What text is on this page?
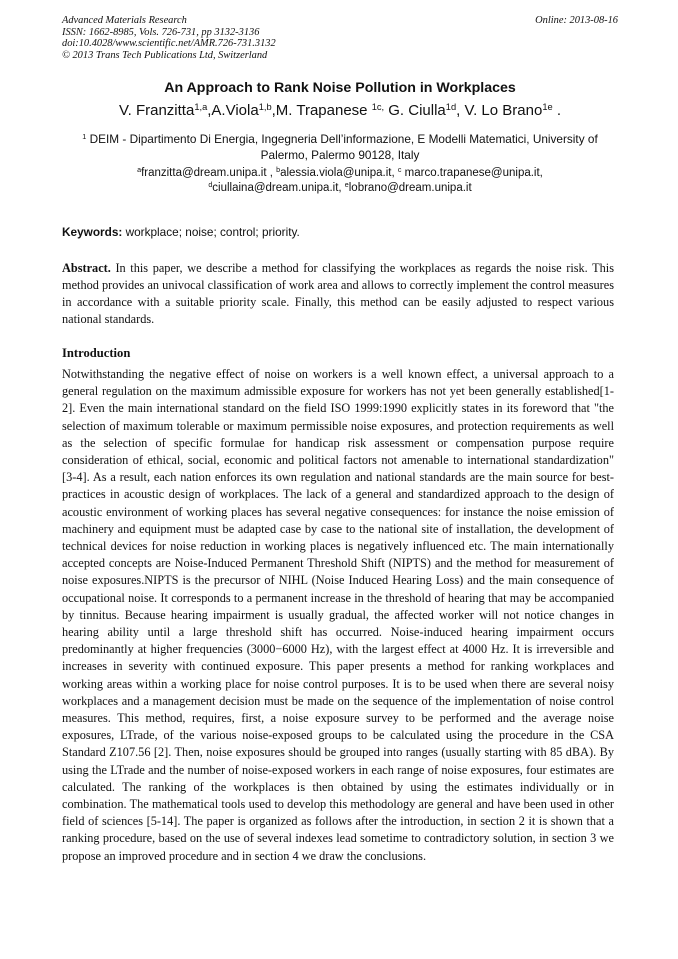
Advanced Materials Research
ISSN: 1662-8985, Vols. 726-731, pp 3132-3136
doi:10.4028/www.scientific.net/AMR.726-731.3132
© 2013 Trans Tech Publications Ltd, Switzerland
Online: 2013-08-16
An Approach to Rank Noise Pollution in Workplaces
V. Franzitta$^{1,a}$,A.Viola$^{1,b}$,M. Trapanese $^{1c,}$ G. Ciulla$^{1d}$, V. Lo Brano$^{1e}$ .
$^1$ DEIM - Dipartimento Di Energia, Ingegneria Dell’informazione, E Modelli Matematici, University of Palermo, Palermo 90128, Italy
$^a$franzitta@dream.unipa.it , $^b$alessia.viola@unipa.it, $^c$ marco.trapanese@unipa.it,
$^d$ciullaina@dream.unipa.it, $^e$lobrano@dream.unipa.it
Keywords: workplace; noise; control; priority.
Abstract. In this paper, we describe a method for classifying the workplaces as regards the noise risk. This method provides an univocal classification of work area and allows to correctly implement the control measures in accordance with a suitable priority scale. Finally, this method can be easily adjusted to respect various national standards.
Introduction
Notwithstanding the negative effect of noise on workers is a well known effect, a universal approach to a general regulation on the maximum admissible exposure for workers has not yet been generally established[1-2]. Even the main international standard on the field ISO 1999:1990 explicitly states in its foreword that "the selection of maximum tolerable or maximum permissible noise exposures, and protection requirements as well as the selection of specific formulae for handicap risk assessment or compensation purpose require consideration of ethical, social, economic and political factors not amenable to international standardization" [3-4]. As a result, each nation enforces its own regulation and national standards are the main source for best-practices in acoustic design of workplaces. The lack of a general and standardized approach to the design of acoustic environment of working places has several negative consequences: for instance the noise emission of machinery and equipment must be adapted case by case to the national site of installation, the development of technical devices for noise reduction in working places is negatively influenced etc. The main internationally accepted concepts are Noise-Induced Permanent Threshold Shift (NIPTS) and the method for measurement of noise exposures.NIPTS is the precursor of NIHL (Noise Induced Hearing Loss) and the main consequence of occupational noise. It corresponds to a permanent increase in the threshold of hearing that may be accompanied by tinnitus. Because hearing impairment is usually gradual, the affected worker will not notice changes in hearing ability until a large threshold shift has occurred. Noise-induced hearing impairment occurs predominantly at higher frequencies (3000−6000 Hz), with the largest effect at 4000 Hz. It is irreversible and increases in severity with continued exposure. This paper presents a method for ranking workplaces and working areas within a working place for noise control purposes. It is to be used when there are several noisy workplaces and a management decision must be made on the sequence of the implementation of noise control measures. This method, requires, first, a noise exposure survey to be performed and the average noise exposures, LTrade, of the various noise-exposed groups to be calculated using the procedure in the CSA Standard Z107.56 [2]. Then, noise exposures should be grouped into ranges (usually starting with 85 dBA). By using the LTrade and the number of noise-exposed workers in each range of noise exposures, four estimates are calculated. The ranking of the workplaces is then obtained by using the estimates individually or in combination. The mathematical tools used to develop this methodology are general and have been used in other field of sciences [5-14]. The paper is organized as follows after the introduction, in section 2 it is shown that a ranking procedure, based on the use of several indexes lead sometime to contradictory solution, in section 3 we propose an improved procedure and in section 4 we draw the conclusions.
